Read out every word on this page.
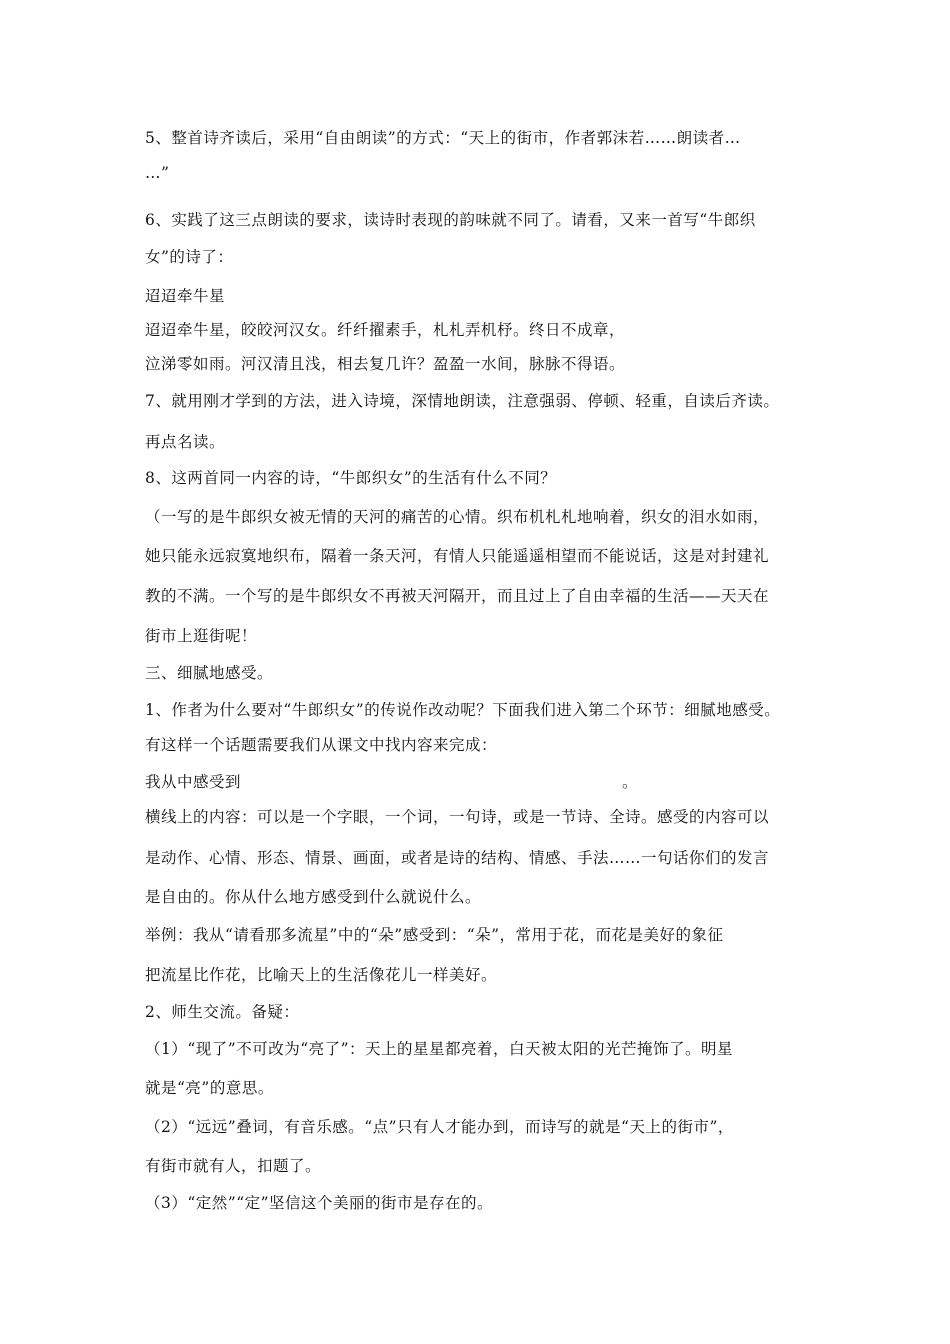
5、整首诗齐读后，采用“自由朗读”的方式：“天上的街市，作者郭沫若……朗读者…
…”
6、实践了这三点朗读的要求，读诗时表现的韵味就不同了。请看，又来一首写“牛郎织
女”的诗了：
迢迢牵牛星
迢迢牵牛星，皎皎河汉女。纤纤擢素手，札札弄机杼。终日不成章，
泣涕零如雨。河汉清且浅，相去复几许？盈盈一水间，脉脉不得语。
7、就用刚才学到的方法，进入诗境，深情地朗读，注意强弱、停顿、轻重，自读后齐读。
再点名读。
8、这两首同一内容的诗，“牛郎织女”的生活有什么不同？
（一写的是牛郎织女被无情的天河的痛苦的心情。织布机札札地响着，织女的泪水如雨，
她只能永远寂寞地织布，隔着一条天河，有情人只能遥遥相望而不能说话，这是对封建礼
教的不满。一个写的是牛郎织女不再被天河隔开，而且过上了自由幸福的生活——天天在
街市上逛街呢！
三、细腻地感受。
1、作者为什么要对“牛郎织女”的传说作改动呢？下面我们进入第二个环节：细腻地感受。
有这样一个话题需要我们从课文中找内容来完成：
我从中感受到	。
横线上的内容：可以是一个字眼，一个词，一句诗，或是一节诗、全诗。感受的内容可以
是动作、心情、形态、情景、画面，或者是诗的结构、情感、手法……一句话你们的发言
是自由的。你从什么地方感受到什么就说什么。
举例：我从“请看那多流星”中的“朵”感受到：“朵”，常用于花，而花是美好的象征
把流星比作花，比喻天上的生活像花儿一样美好。
2、师生交流。备疑：
（1）“现了”不可改为“亮了”：天上的星星都亮着，白天被太阳的光芒掩饰了。明星
就是“亮”的意思。
（2）“远远”叠词，有音乐感。“点”只有人才能办到，而诗写的就是“天上的街市”，
有街市就有人，扣题了。
（3）“定然”“定”坚信这个美丽的街市是存在的。
